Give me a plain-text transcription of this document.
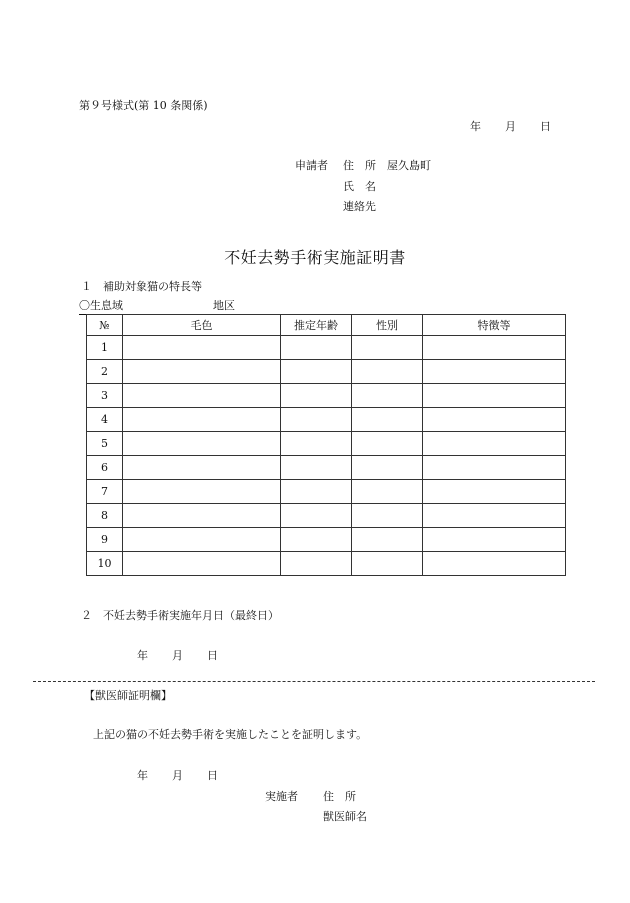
第９号様式(第 10 条関係)
年 月 日
申請者 住　所 屋久島町
氏　名
連絡先
不妊去勢手術実施証明書
１　補助対象猫の特長等
〇生息域	地区
№	毛色	推定年齢	性別	特徴等
1				
2				
3				
4				
5				
6				
7				
8				
9				
10				
２　不妊去勢手術実施年月日（最終日）
年 月 日
【獣医師証明欄】
上記の猫の不妊去勢手術を実施したことを証明します。
年 月 日
実施者 住　所
獣医師名
